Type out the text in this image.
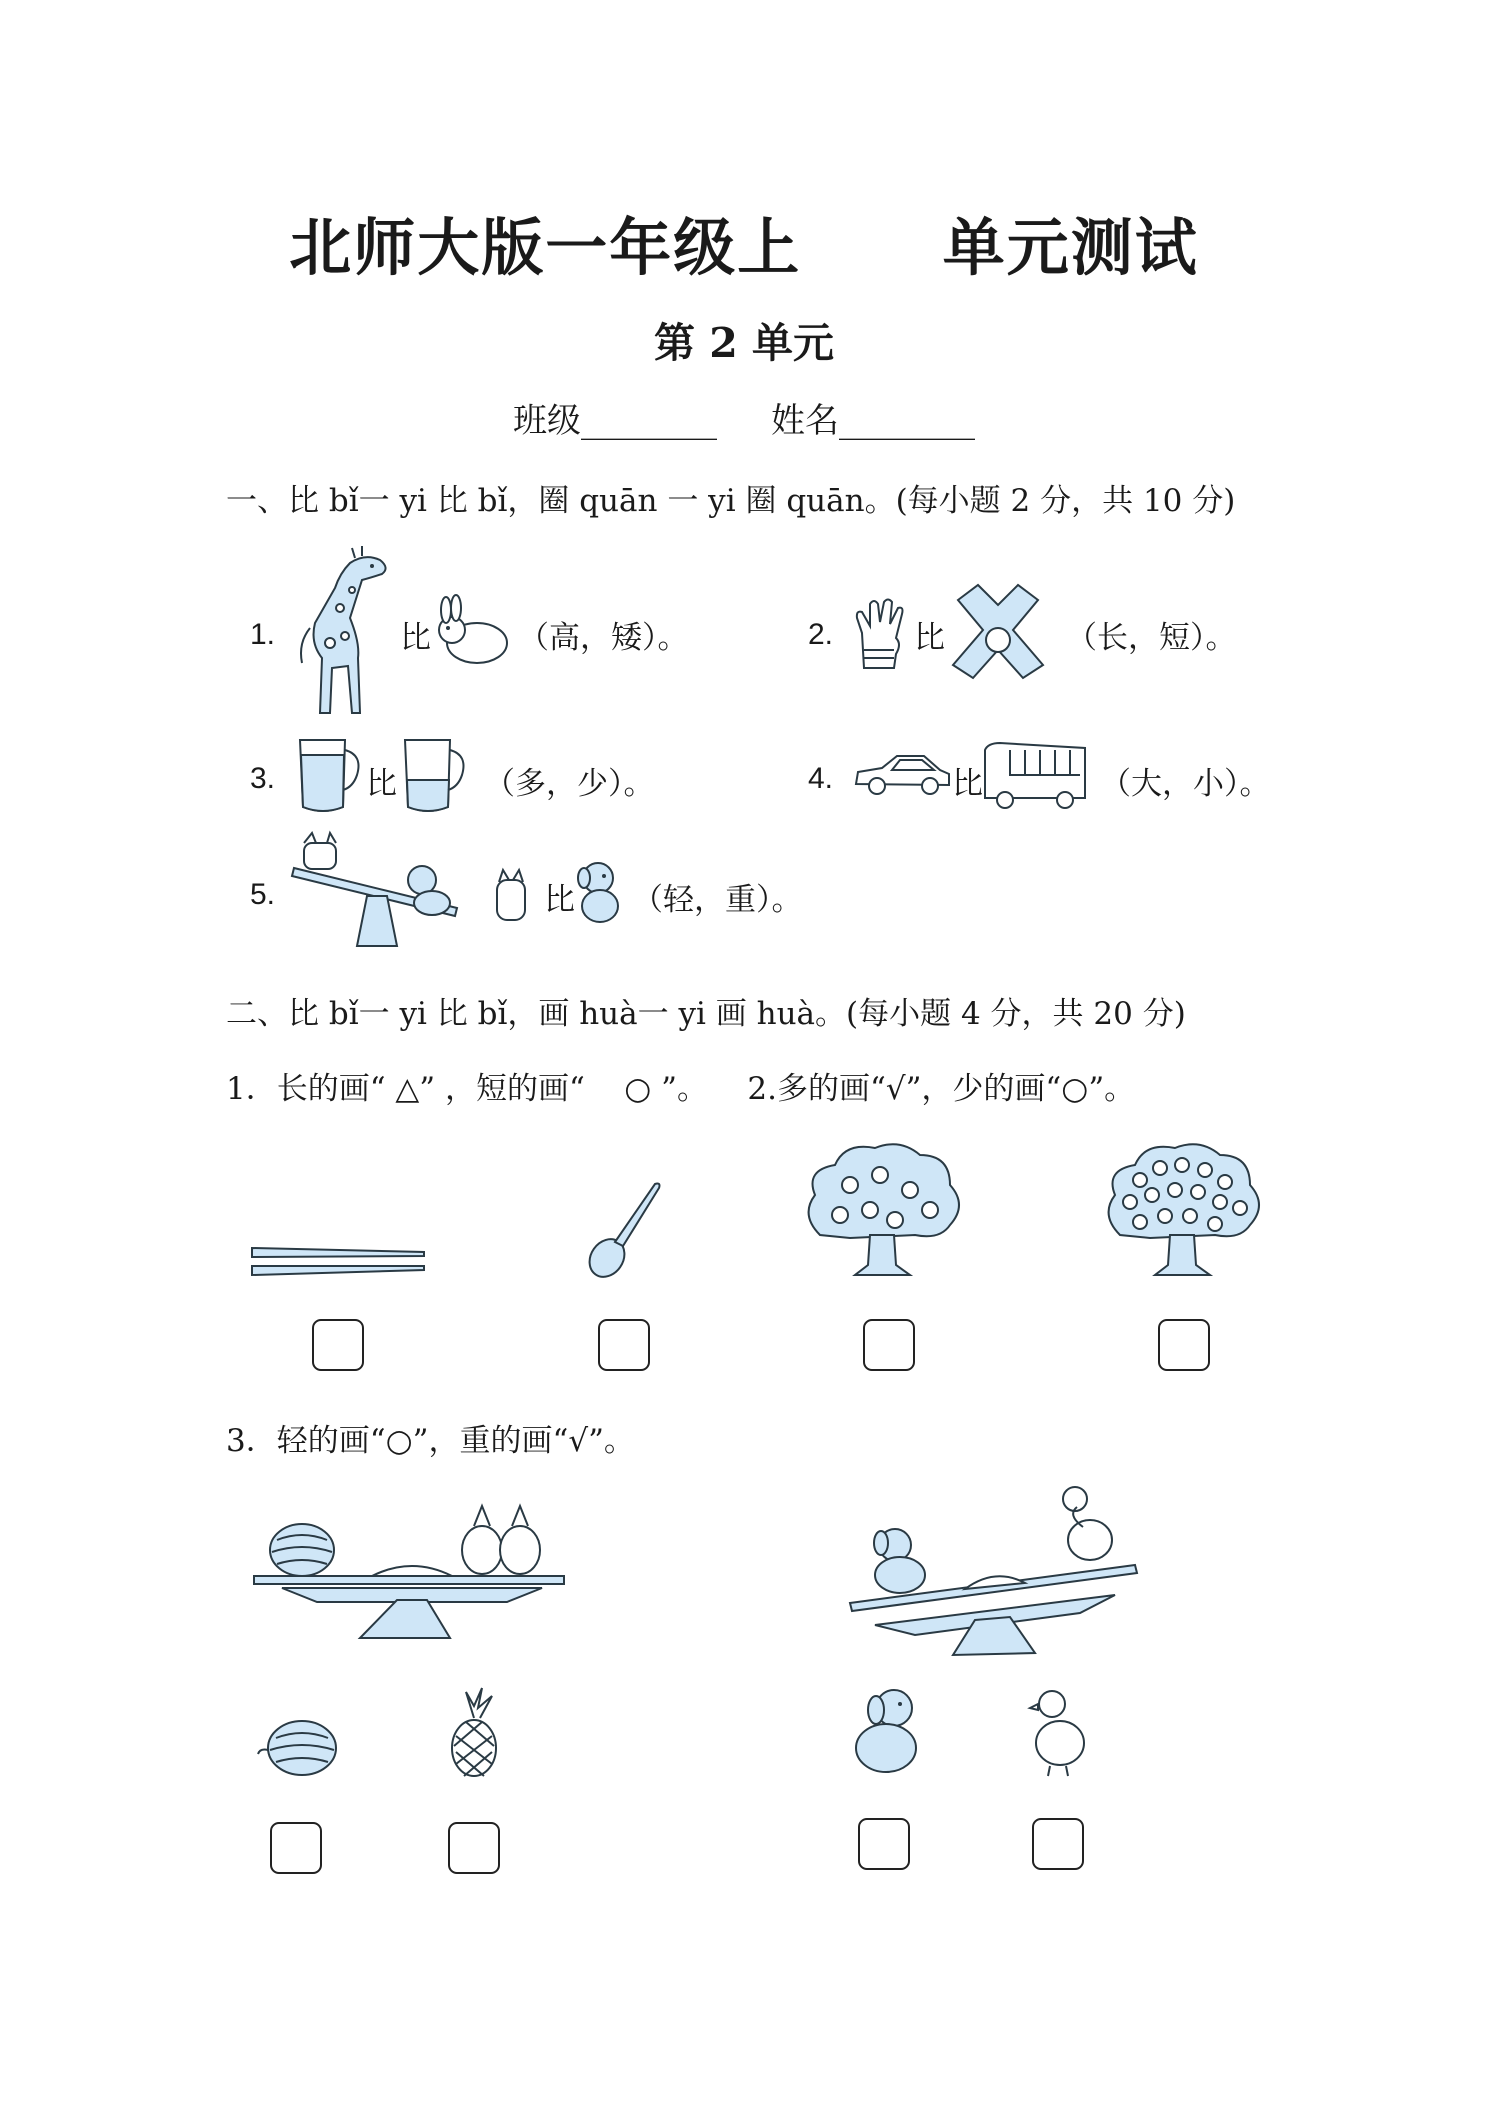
北师大版一年级上      单元测试
第 2 单元
班级________     姓名________
一、比 bǐ一 yi 比 bǐ，圈 quān 一 yi 圈 quān。(每小题 2 分，共 10 分)
1.	比	（高，矮）。	2.	比	（长，短）。
3.	比	（多，少）。	4.	比	（大，小）。
5.	比 （轻，重）。
二、比 bǐ一 yi 比 bǐ，画 huà一 yi 画 huà。(每小题 4 分，共 20 分)
1．长的画“ △” ，短的画“    ○ ”。    2.多的画“√”，少的画“○”。
3．轻的画“○”，重的画“√”。
